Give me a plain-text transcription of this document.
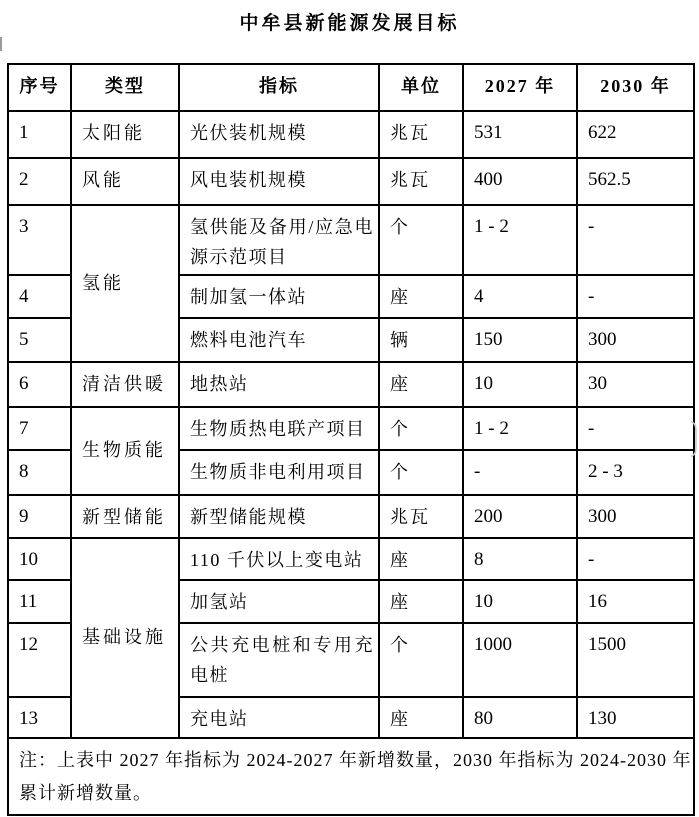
中牟县新能源发展目标
序号	类型	指标	单位	2027 年	2030 年
1	太阳能	光伏装机规模	兆瓦	531	622
2	风能	风电装机规模	兆瓦	400	562.5
3	氢能	氢供能及备用/应急电源示范项目	个	1 - 2	-
4		制加氢一体站	座	4	-
5		燃料电池汽车	辆	150	300
6	清洁供暖	地热站	座	10	30
7	生物质能	生物质热电联产项目	个	1 - 2	-
8		生物质非电利用项目	个	-	2 - 3
9	新型储能	新型储能规模	兆瓦	200	300
10	基础设施	110 千伏以上变电站	座	8	-
11		加氢站	座	10	16
12		公共充电桩和专用充电桩	个	1000	1500
13		充电站	座	80	130

注：上表中 2027 年指标为 2024-2027 年新增数量，2030 年指标为 2024-2030 年
累计新增数量。					
